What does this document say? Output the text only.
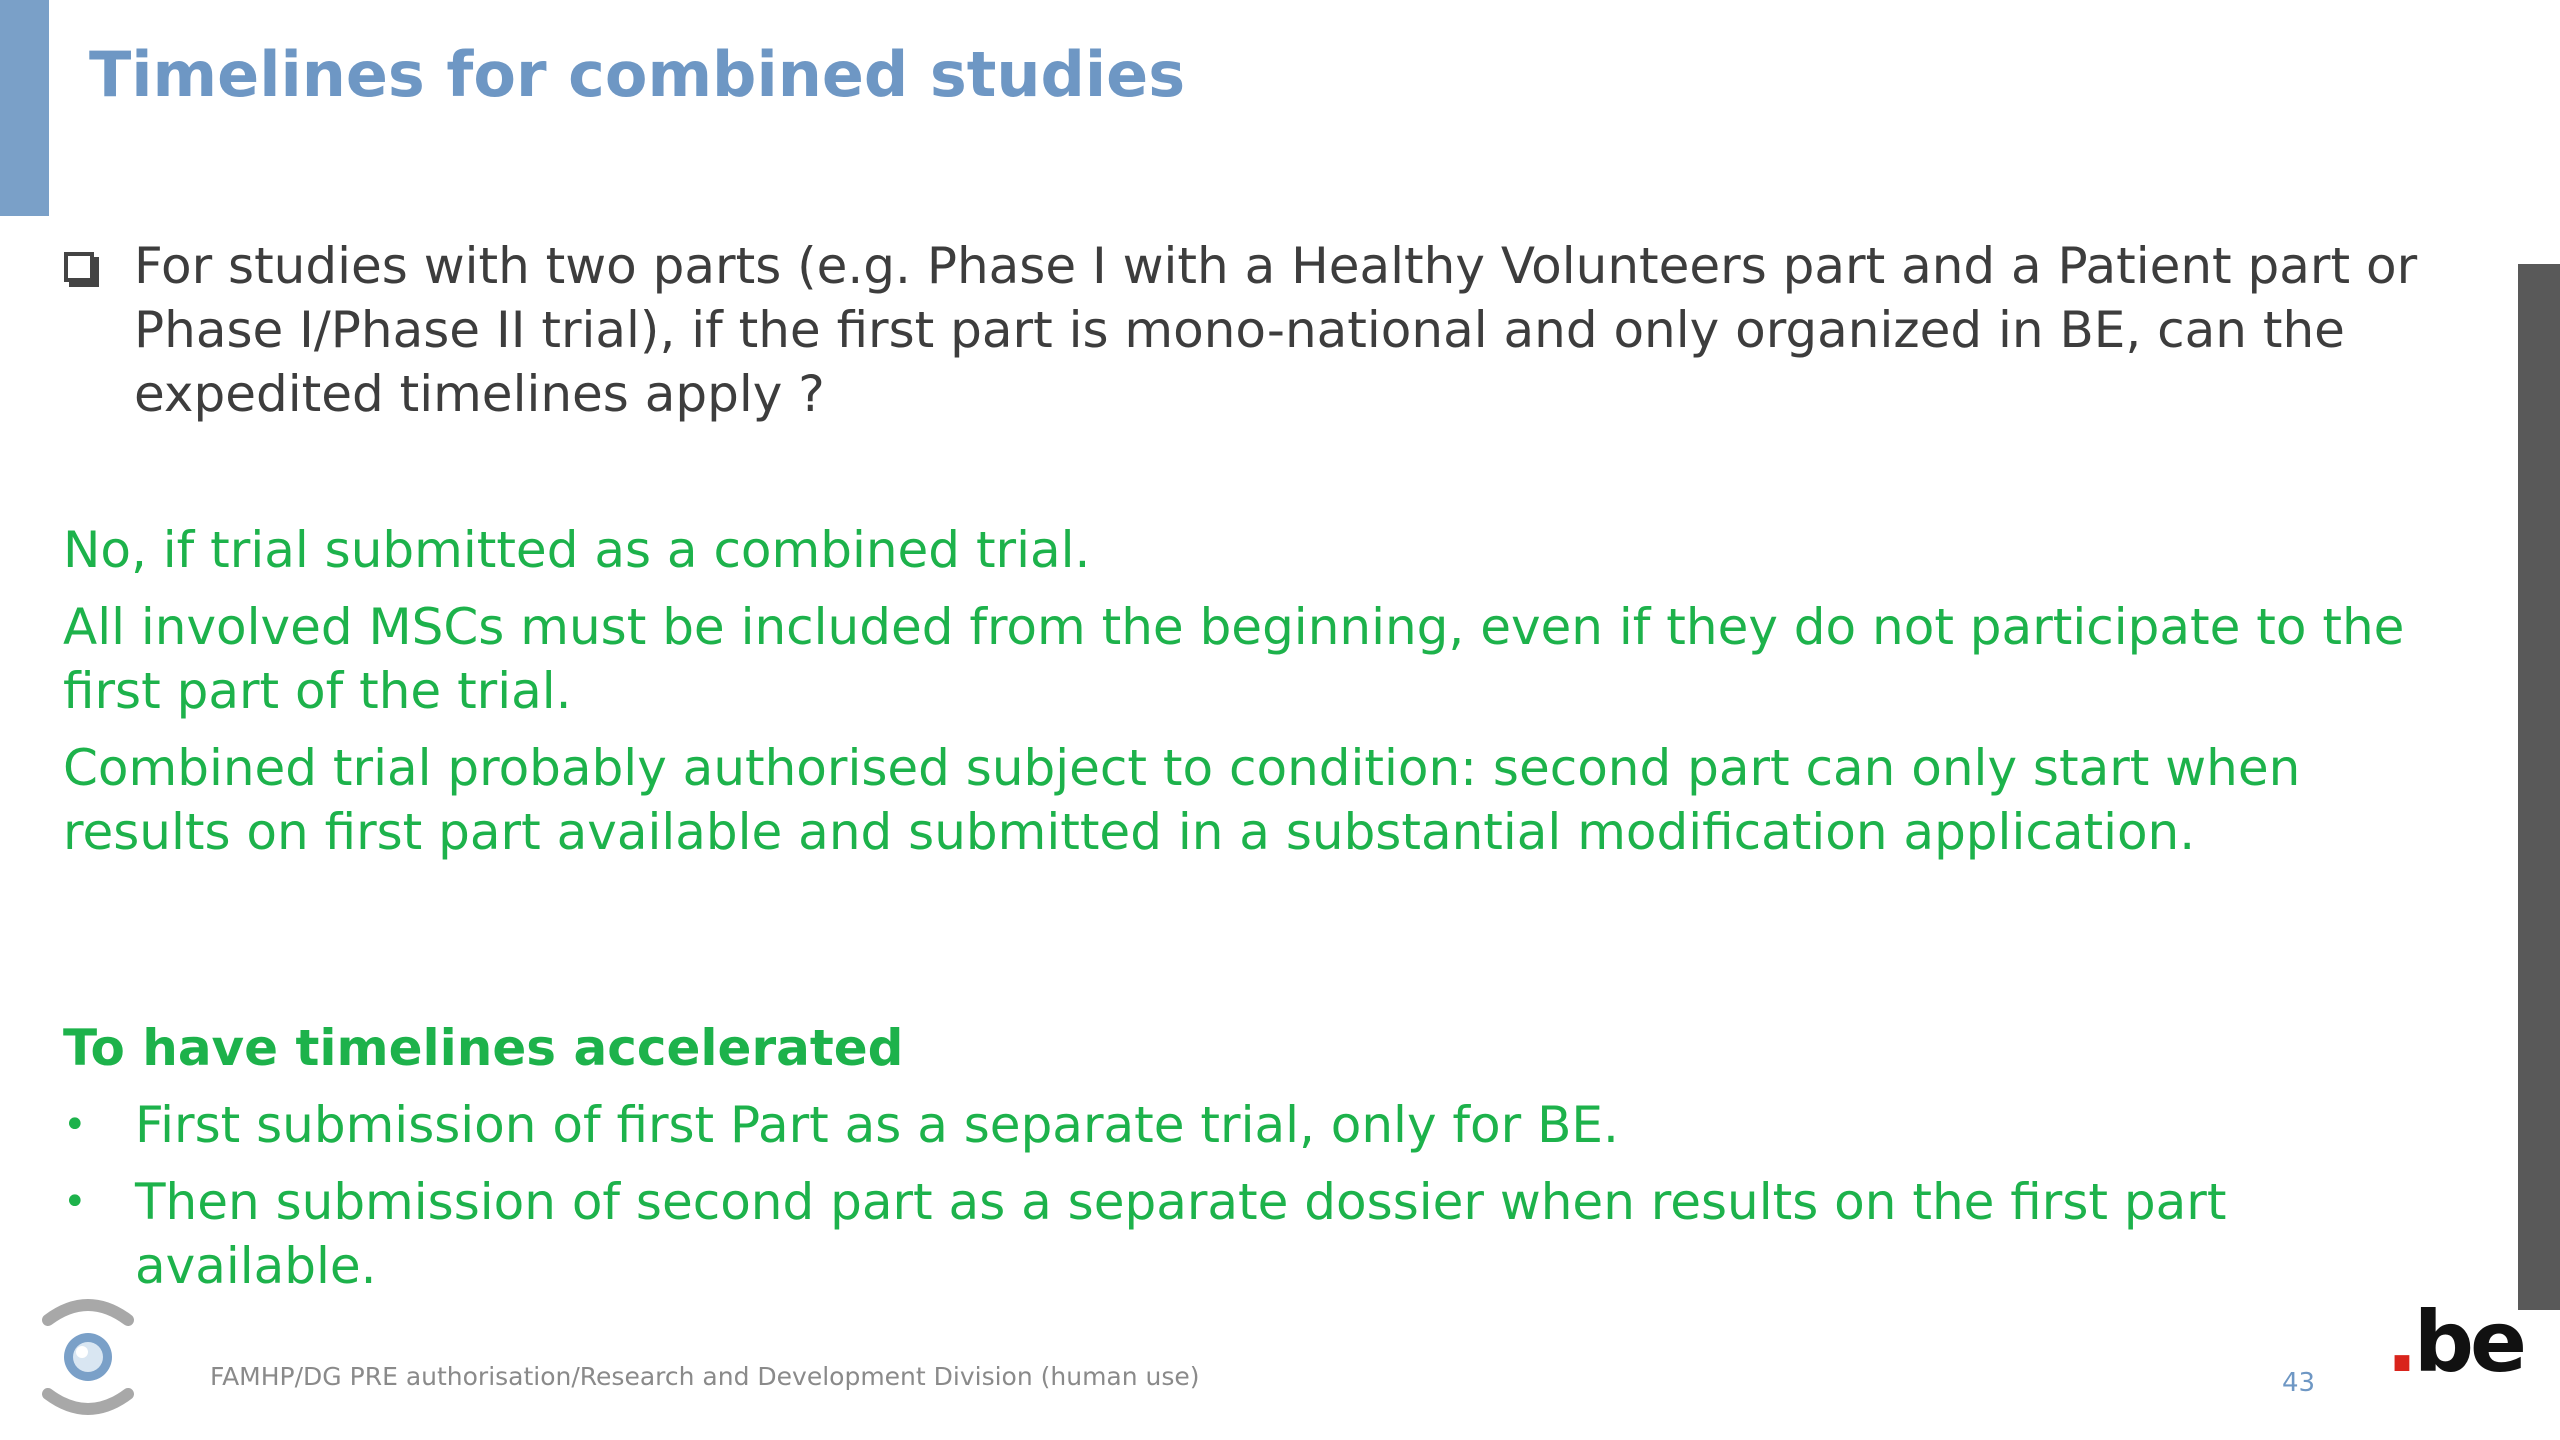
Timelines for combined studies

For studies with two parts (e.g. Phase I with a Healthy Volunteers part and a Patient part or Phase I/Phase II trial), if the first part is mono-national and only organized in BE, can the expedited timelines apply ?

No, if trial submitted as a combined trial.

All involved MSCs must be included from the beginning, even if they do not participate to the first part of the trial.

Combined trial probably authorised subject to condition: second part can only start when results on first part available and submitted in a substantial modification application.

To have timelines accelerated

• First submission of first Part as a separate trial, only for BE.
• Then submission of second part as a separate dossier when results on the first part available.
FAMHP/DG PRE authorisation/Research and Development Division (human use)	43 .be
